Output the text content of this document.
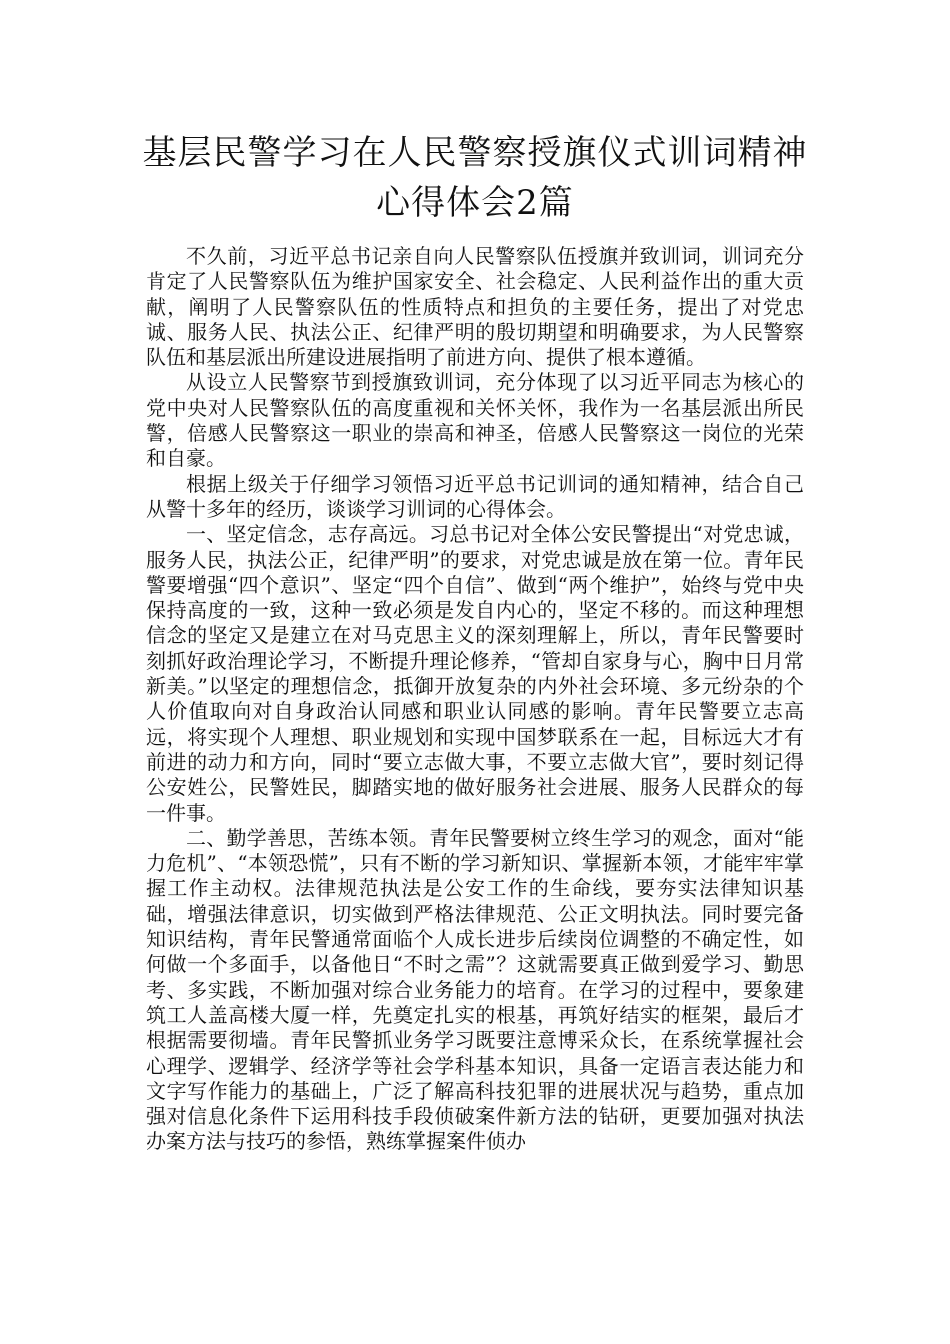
基层民警学习在人民警察授旗仪式训词精神心得体会2篇

不久前，习近平总书记亲自向人民警察队伍授旗并致训词，训词充分肯定了人民警察队伍为维护国家安全、社会稳定、人民利益作出的重大贡献，阐明了人民警察队伍的性质特点和担负的主要任务，提出了对党忠诚、服务人民、执法公正、纪律严明的殷切期望和明确要求，为人民警察队伍和基层派出所建设进展指明了前进方向、提供了根本遵循。

从设立人民警察节到授旗致训词，充分体现了以习近平同志为核心的党中央对人民警察队伍的高度重视和关怀关怀，我作为一名基层派出所民警，倍感人民警察这一职业的崇高和神圣，倍感人民警察这一岗位的光荣和自豪。

根据上级关于仔细学习领悟习近平总书记训词的通知精神，结合自己从警十多年的经历，谈谈学习训词的心得体会。

一、坚定信念，志存高远。习总书记对全体公安民警提出“对党忠诚，服务人民，执法公正，纪律严明”的要求，对党忠诚是放在第一位。青年民警要增强“四个意识”、坚定“四个自信”、做到“两个维护”，始终与党中央保持高度的一致，这种一致必须是发自内心的，坚定不移的。而这种理想信念的坚定又是建立在对马克思主义的深刻理解上，所以，青年民警要时刻抓好政治理论学习，不断提升理论修养，“管却自家身与心，胸中日月常新美。”以坚定的理想信念，抵御开放复杂的内外社会环境、多元纷杂的个人价值取向对自身政治认同感和职业认同感的影响。青年民警要立志高远，将实现个人理想、职业规划和实现中国梦联系在一起，目标远大才有前进的动力和方向，同时“要立志做大事，不要立志做大官”，要时刻记得公安姓公，民警姓民，脚踏实地的做好服务社会进展、服务人民群众的每一件事。

二、勤学善思，苦练本领。青年民警要树立终生学习的观念，面对“能力危机”、“本领恐慌”，只有不断的学习新知识、掌握新本领，才能牢牢掌握工作主动权。法律规范执法是公安工作的生命线，要夯实法律知识基础，增强法律意识，切实做到严格法律规范、公正文明执法。同时要完备知识结构，青年民警通常面临个人成长进步后续岗位调整的不确定性，如何做一个多面手，以备他日“不时之需”？这就需要真正做到爱学习、勤思考、多实践，不断加强对综合业务能力的培育。在学习的过程中，要象建筑工人盖高楼大厦一样，先奠定扎实的根基，再筑好结实的框架，最后才根据需要彻墙。青年民警抓业务学习既要注意博采众长，在系统掌握社会心理学、逻辑学、经济学等社会学科基本知识，具备一定语言表达能力和文字写作能力的基础上，广泛了解高科技犯罪的进展状况与趋势，重点加强对信息化条件下运用科技手段侦破案件新方法的钻研，更要加强对执法办案方法与技巧的参悟，熟练掌握案件侦办
